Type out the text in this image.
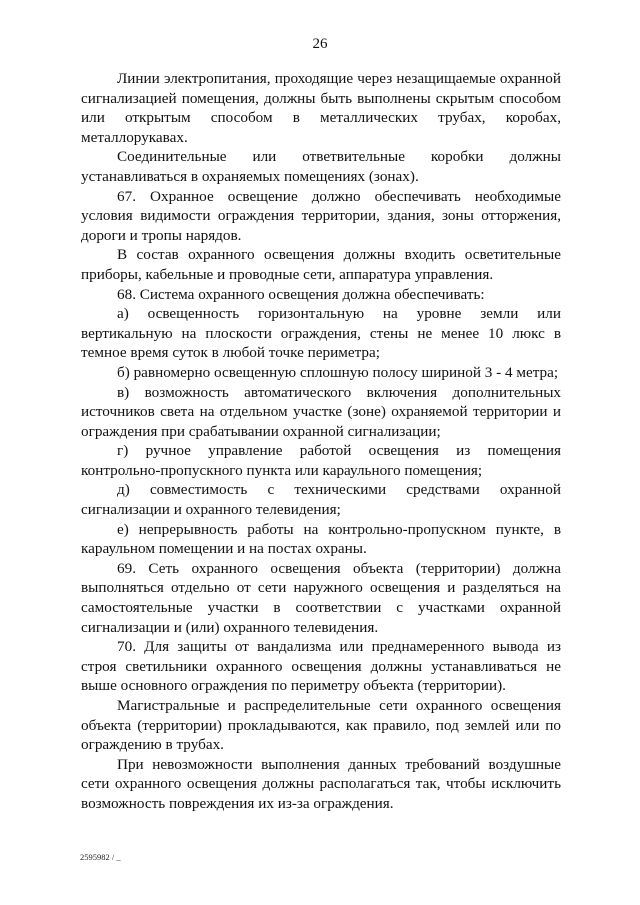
26

Линии электропитания, проходящие через незащищаемые охранной сигнализацией помещения, должны быть выполнены скрытым способом или открытым способом в металлических трубах, коробах, металлорукавах.

Соединительные или ответвительные коробки должны устанавливаться в охраняемых помещениях (зонах).

67. Охранное освещение должно обеспечивать необходимые условия видимости ограждения территории, здания, зоны отторжения, дороги и тропы нарядов.

В состав охранного освещения должны входить осветительные приборы, кабельные и проводные сети, аппаратура управления.

68. Система охранного освещения должна обеспечивать:

а) освещенность горизонтальную на уровне земли или вертикальную на плоскости ограждения, стены не менее 10 люкс в темное время суток в любой точке периметра;

б) равномерно освещенную сплошную полосу шириной 3 - 4 метра;

в) возможность автоматического включения дополнительных источников света на отдельном участке (зоне) охраняемой территории и ограждения при срабатывании охранной сигнализации;

г) ручное управление работой освещения из помещения контрольно-пропускного пункта или караульного помещения;

д) совместимость с техническими средствами охранной сигнализации и охранного телевидения;

е) непрерывность работы на контрольно-пропускном пункте, в караульном помещении и на постах охраны.

69. Сеть охранного освещения объекта (территории) должна выполняться отдельно от сети наружного освещения и разделяться на самостоятельные участки в соответствии с участками охранной сигнализации и (или) охранного телевидения.

70. Для защиты от вандализма или преднамеренного вывода из строя светильники охранного освещения должны устанавливаться не выше основного ограждения по периметру объекта (территории).

Магистральные и распределительные сети охранного освещения объекта (территории) прокладываются, как правило, под землей или по ограждению в трубах.

При невозможности выполнения данных требований воздушные сети охранного освещения должны располагаться так, чтобы исключить возможность повреждения их из-за ограждения.

2595982 / _
